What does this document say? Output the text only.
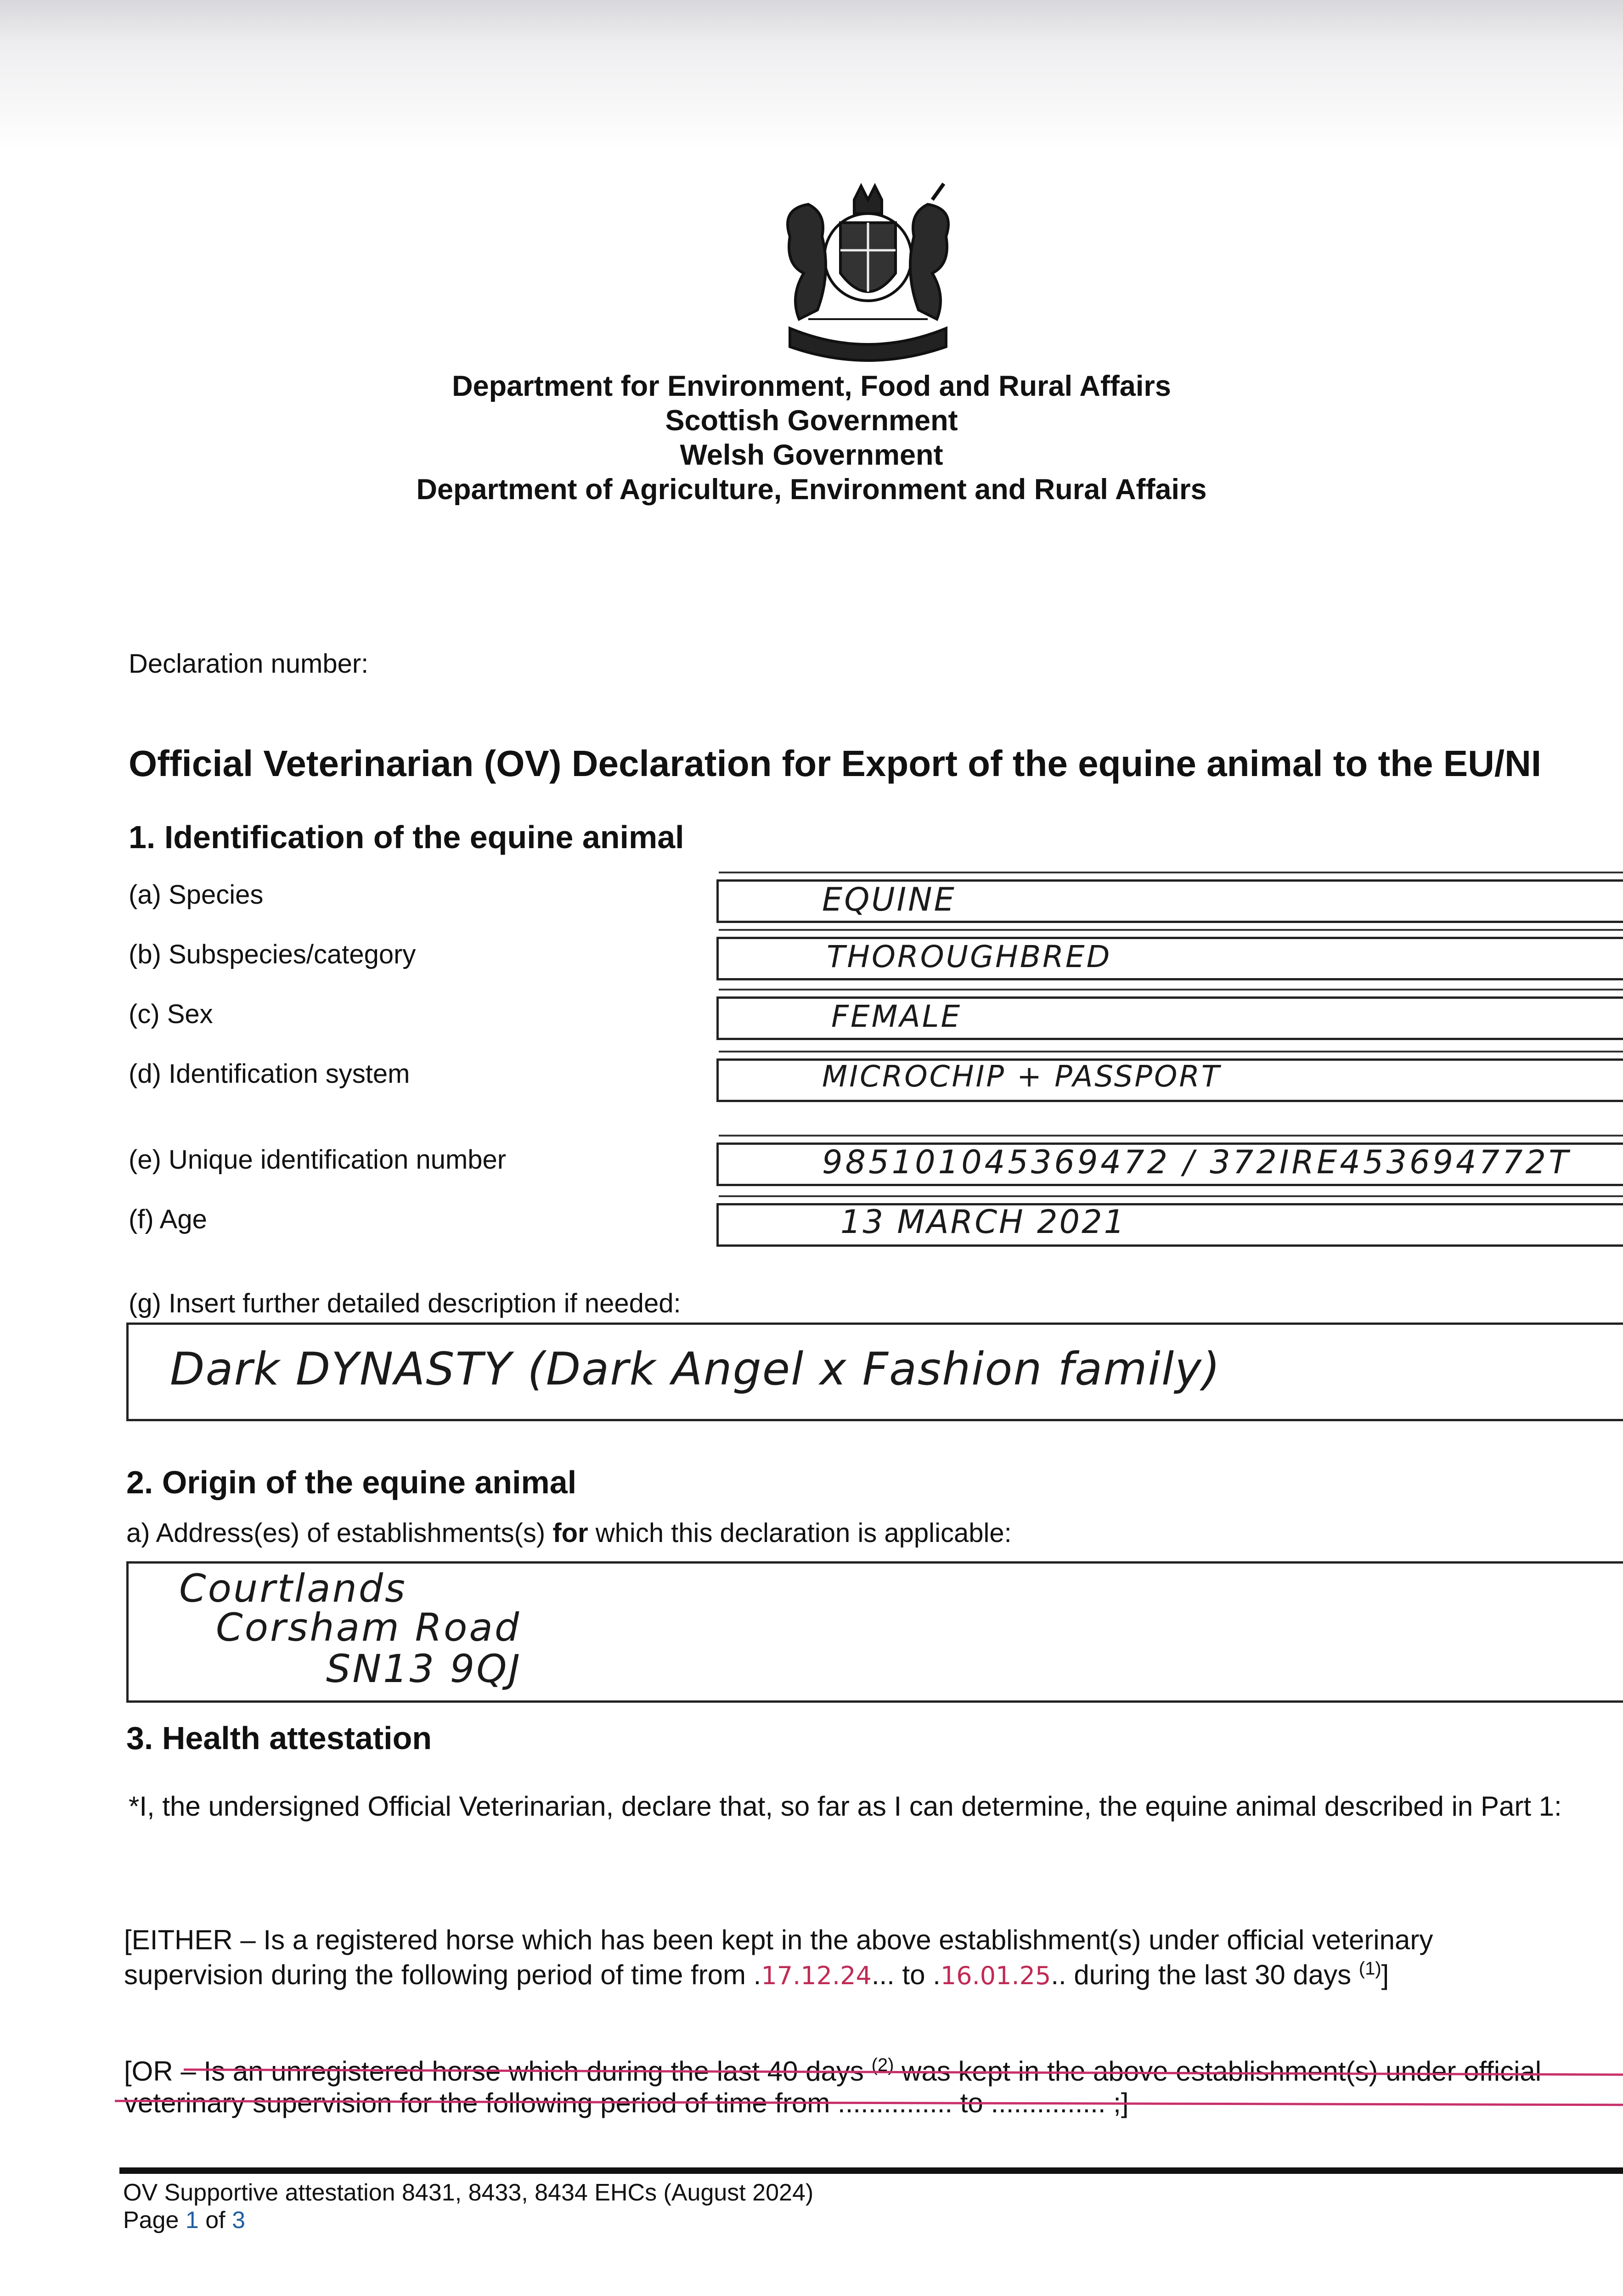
Department for Environment, Food and Rural Affairs
Scottish Government
Welsh Government
Department of Agriculture, Environment and Rural Affairs
Declaration number:
Official Veterinarian (OV) Declaration for Export of the equine animal to the EU/NI
1. Identification of the equine animal
(a) Species	EQUINE
(b) Subspecies/category	THOROUGHBRED
(c) Sex	FEMALE
(d) Identification system	MICROCHIP + PASSPORT
(e) Unique identification number	985101045369472 / 372IRE453694772T
(f) Age	13 MARCH 2021
(g) Insert further detailed description if needed:
Dark DYNASTY (Dark Angel x Fashion family)
2. Origin of the equine animal
a) Address(es) of establishments(s) for which this declaration is applicable:
Courtlands
Corsham Road
SN13 9QJ
3. Health attestation
*I, the undersigned Official Veterinarian, declare that, so far as I can determine, the equine animal described in Part 1:
[EITHER – Is a registered horse which has been kept in the above establishment(s) under official veterinary
supervision during the following period of time from .17.12.24... to .16.01.25.. during the last 30 days $^{(1)}$]
[OR – Is an unregistered horse which during the last 40 days $^{(2)}$ was kept in the above establishment(s) under official
veterinary supervision for the following period of time from ............... to ............... ;]
OV Supportive attestation 8431, 8433, 8434 EHCs (August 2024)
Page 1 of 3
